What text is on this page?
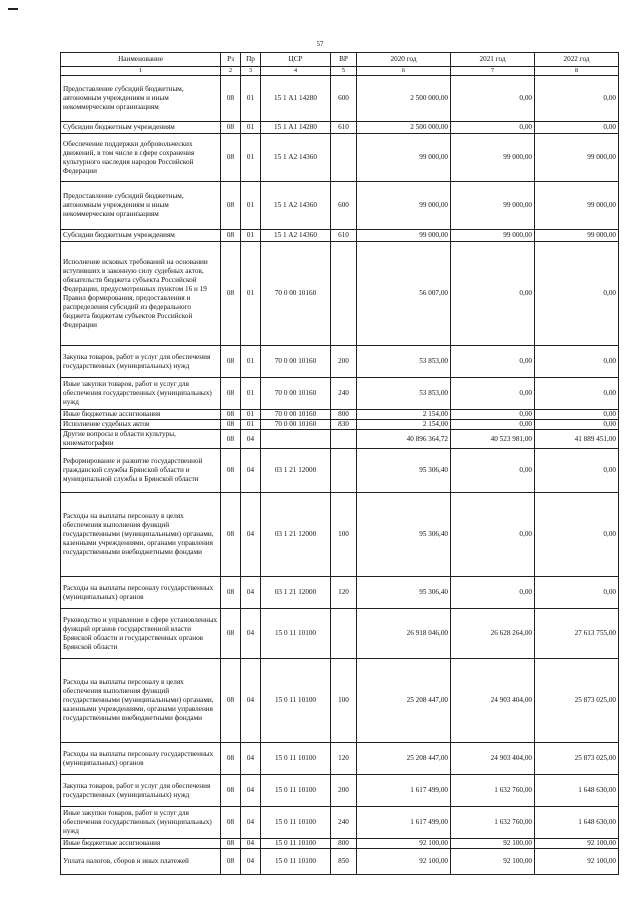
57
Наименование	Рз	Пр	ЦСР	ВР	2020 год	2021 год	2022 год
1	2	3	4	5	6	7	8
Предоставление субсидий бюджетным, автономным учреждениям и иным некоммерческим организациям	08	01	15 1 А1 14280	600	2 500 000,00	0,00	0,00
Субсидии бюджетным учреждениям	08	01	15 1 А1 14280	610	2 500 000,00	0,00	0,00
Обеспечение поддержки добровольческих движений, в том числе в сфере сохранения культурного наследия народов Российской Федерации	08	01	15 1 А2 14360		99 000,00	99 000,00	99 000,00
Предоставление субсидий бюджетным, автономным учреждениям и иным некоммерческим организациям	08	01	15 1 А2 14360	600	99 000,00	99 000,00	99 000,00
Субсидии бюджетным учреждениям	08	01	15 1 А2 14360	610	99 000,00	99 000,00	99 000,00
Исполнение исковых требований на основании вступивших в законную силу судебных актов, обязательств бюджета субъекта Российской Федерации, предусмотренных пунктом 16 и 19 Правил формирования, предоставления и распределения субсидий из федерального бюджета бюджетам субъектов Российской Федерации	08	01	70 0 00 10160		56 007,00	0,00	0,00
Закупка товаров, работ и услуг для обеспечения государственных (муниципальных) нужд	08	01	70 0 00 10160	200	53 853,00	0,00	0,00
Иные закупки товаров, работ и услуг для обеспечения государственных (муниципальных) нужд	08	01	70 0 00 10160	240	53 853,00	0,00	0,00
Иные бюджетные ассигнования	08	01	70 0 00 10160	800	2 154,00	0,00	0,00
Исполнение судебных актов	08	01	70 0 00 10160	830	2 154,00	0,00	0,00
Другие вопросы в области культуры, кинематографии	08	04			40 896 364,72	40 523 981,00	41 889 451,00
Реформирование и развитие государственной гражданской службы Брянской области и муниципальной службы в Брянской области	08	04	03 1 21 12000		95 306,40	0,00	0,00
Расходы на выплаты персоналу в целях обеспечения выполнения функций государственными (муниципальными) органами, казенными учреждениями, органами управления государственными внебюджетными фондами	08	04	03 1 21 12000	100	95 306,40	0,00	0,00
Расходы на выплаты персоналу государственных (муниципальных) органов	08	04	03 1 21 12000	120	95 306,40	0,00	0,00
Руководство и управление в сфере установленных функций органов государственной власти Брянской области и государственных органов Брянской области	08	04	15 0 11 10100		26 918 046,00	26 628 264,00	27 613 755,00
Расходы на выплаты персоналу в целях обеспечения выполнения функций государственными (муниципальными) органами, казенными учреждениями, органами управления государственными внебюджетными фондами	08	04	15 0 11 10100	100	25 208 447,00	24 903 404,00	25 873 025,00
Расходы на выплаты персоналу государственных (муниципальных) органов	08	04	15 0 11 10100	120	25 208 447,00	24 903 404,00	25 873 025,00
Закупка товаров, работ и услуг для обеспечения государственных (муниципальных) нужд	08	04	15 0 11 10100	200	1 617 499,00	1 632 760,00	1 648 630,00
Иные закупки товаров, работ и услуг для обеспечения государственных (муниципальных) нужд	08	04	15 0 11 10100	240	1 617 499,00	1 632 760,00	1 648 630,00
Иные бюджетные ассигнования	08	04	15 0 11 10100	800	92 100,00	92 100,00	92 100,00
Уплата налогов, сборов и иных платежей	08	04	15 0 11 10100	850	92 100,00	92 100,00	92 100,00
